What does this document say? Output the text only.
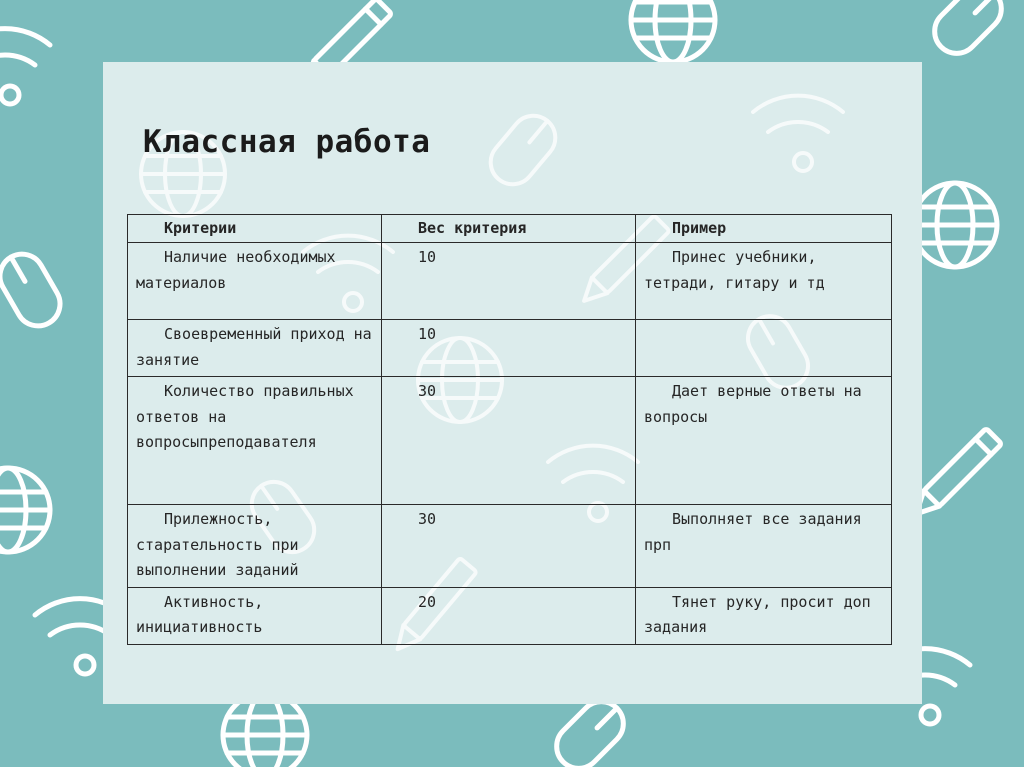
Классная работа
Критерии	Вес критерия	Пример
Наличие необходимых материалов	10	Принес учебники, тетради, гитару и тд
Своевременный приход на занятие	10	
Количество правильных ответов на вопросыпреподавателя	30	Дает верные ответы на вопросы
Прилежность, старательность при выполнении заданий	30	Выполняет все задания прп
Активность, инициативность	20	Тянет руку, просит доп задания
